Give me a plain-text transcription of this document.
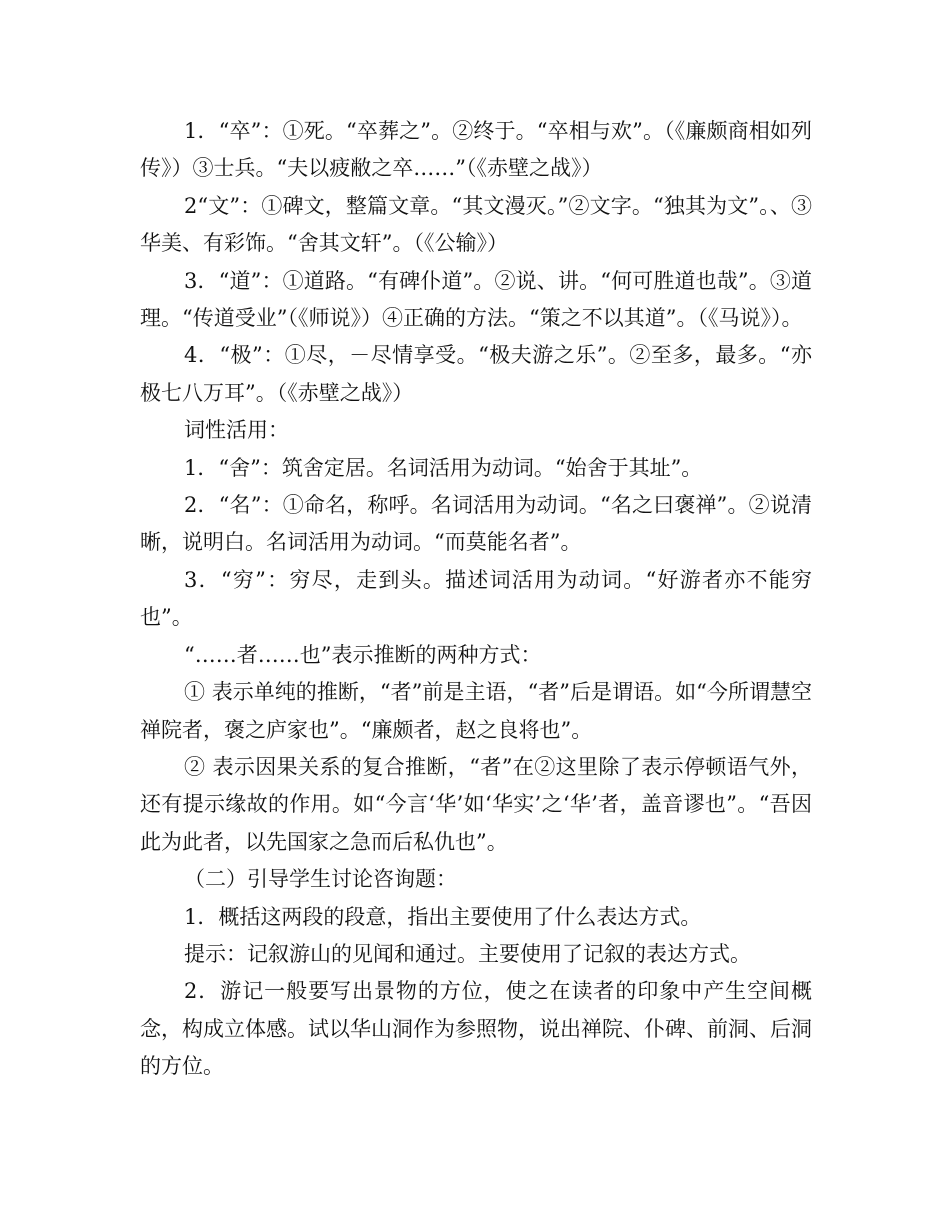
1．“卒”：①死。“卒葬之”。②终于。“卒相与欢”。（《廉颇商相如列传》）③士兵。“夫以疲敝之卒……”（《赤壁之战》）

2“文”：①碑文，整篇文章。“其文漫灭。”②文字。“独其为文”。、③华美、有彩饰。“舍其文轩”。（《公输》）

3．“道”：①道路。“有碑仆道”。②说、讲。“何可胜道也哉”。③道理。“传道受业”（《师说》）④正确的方法。“策之不以其道”。（《马说》）。

4．“极”：①尽，－尽情享受。“极夫游之乐”。②至多，最多。“亦极七八万耳”。（《赤壁之战》）

词性活用：

1．“舍”：筑舍定居。名词活用为动词。“始舍于其址”。

2．“名”：①命名，称呼。名词活用为动词。“名之曰褒禅”。②说清晰，说明白。名词活用为动词。“而莫能名者”。

3．“穷”：穷尽，走到头。描述词活用为动词。“好游者亦不能穷也”。

“……者……也”表示推断的两种方式：

① 表示单纯的推断，“者”前是主语，“者”后是谓语。如“今所谓慧空禅院者，褒之庐家也”。“廉颇者，赵之良将也”。

② 表示因果关系的复合推断，“者”在②这里除了表示停顿语气外，还有提示缘故的作用。如“今言‘华’如‘华实’之‘华’者，盖音谬也”。“吾因此为此者，以先国家之急而后私仇也”。

（二）引导学生讨论咨询题：

1．概括这两段的段意，指出主要使用了什么表达方式。

提示：记叙游山的见闻和通过。主要使用了记叙的表达方式。

2．游记一般要写出景物的方位，使之在读者的印象中产生空间概念，构成立体感。试以华山洞作为参照物，说出禅院、仆碑、前洞、后洞的方位。
